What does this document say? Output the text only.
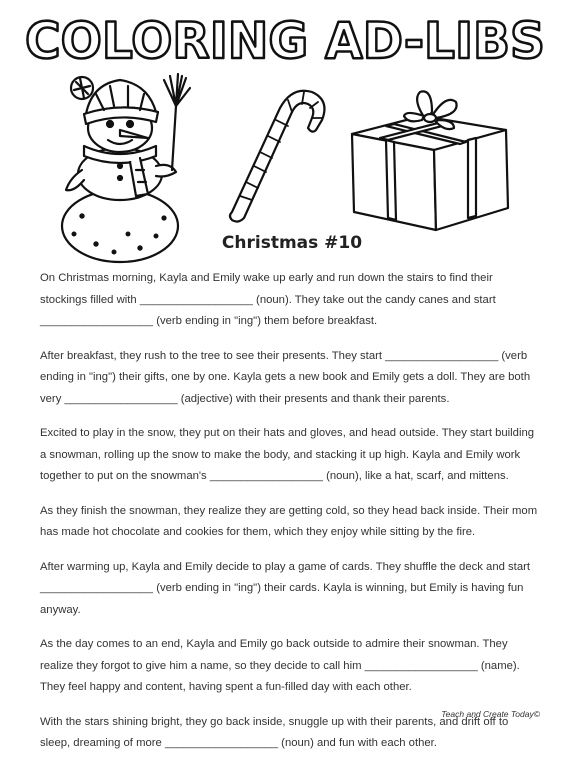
COLORING AD-LIBS
Christmas #10

On Christmas morning, Kayla and Emily wake up early and run down the stairs to find their stockings filled with __________________ (noun). They take out the candy canes and start __________________ (verb ending in "ing") them before breakfast.

After breakfast, they rush to the tree to see their presents. They start __________________ (verb ending in "ing") their gifts, one by one. Kayla gets a new book and Emily gets a doll. They are both very __________________ (adjective) with their presents and thank their parents.

Excited to play in the snow, they put on their hats and gloves, and head outside. They start building a snowman, rolling up the snow to make the body, and stacking it up high. Kayla and Emily work together to put on the snowman's __________________ (noun), like a hat, scarf, and mittens.

As they finish the snowman, they realize they are getting cold, so they head back inside. Their mom has made hot chocolate and cookies for them, which they enjoy while sitting by the fire.

After warming up, Kayla and Emily decide to play a game of cards. They shuffle the deck and start __________________ (verb ending in "ing") their cards. Kayla is winning, but Emily is having fun anyway.

As the day comes to an end, Kayla and Emily go back outside to admire their snowman. They realize they forgot to give him a name, so they decide to call him __________________ (name). They feel happy and content, having spent a fun-filled day with each other.

With the stars shining bright, they go back inside, snuggle up with their parents, and drift off to sleep, dreaming of more __________________ (noun) and fun with each other.

Teach and Create Today©
